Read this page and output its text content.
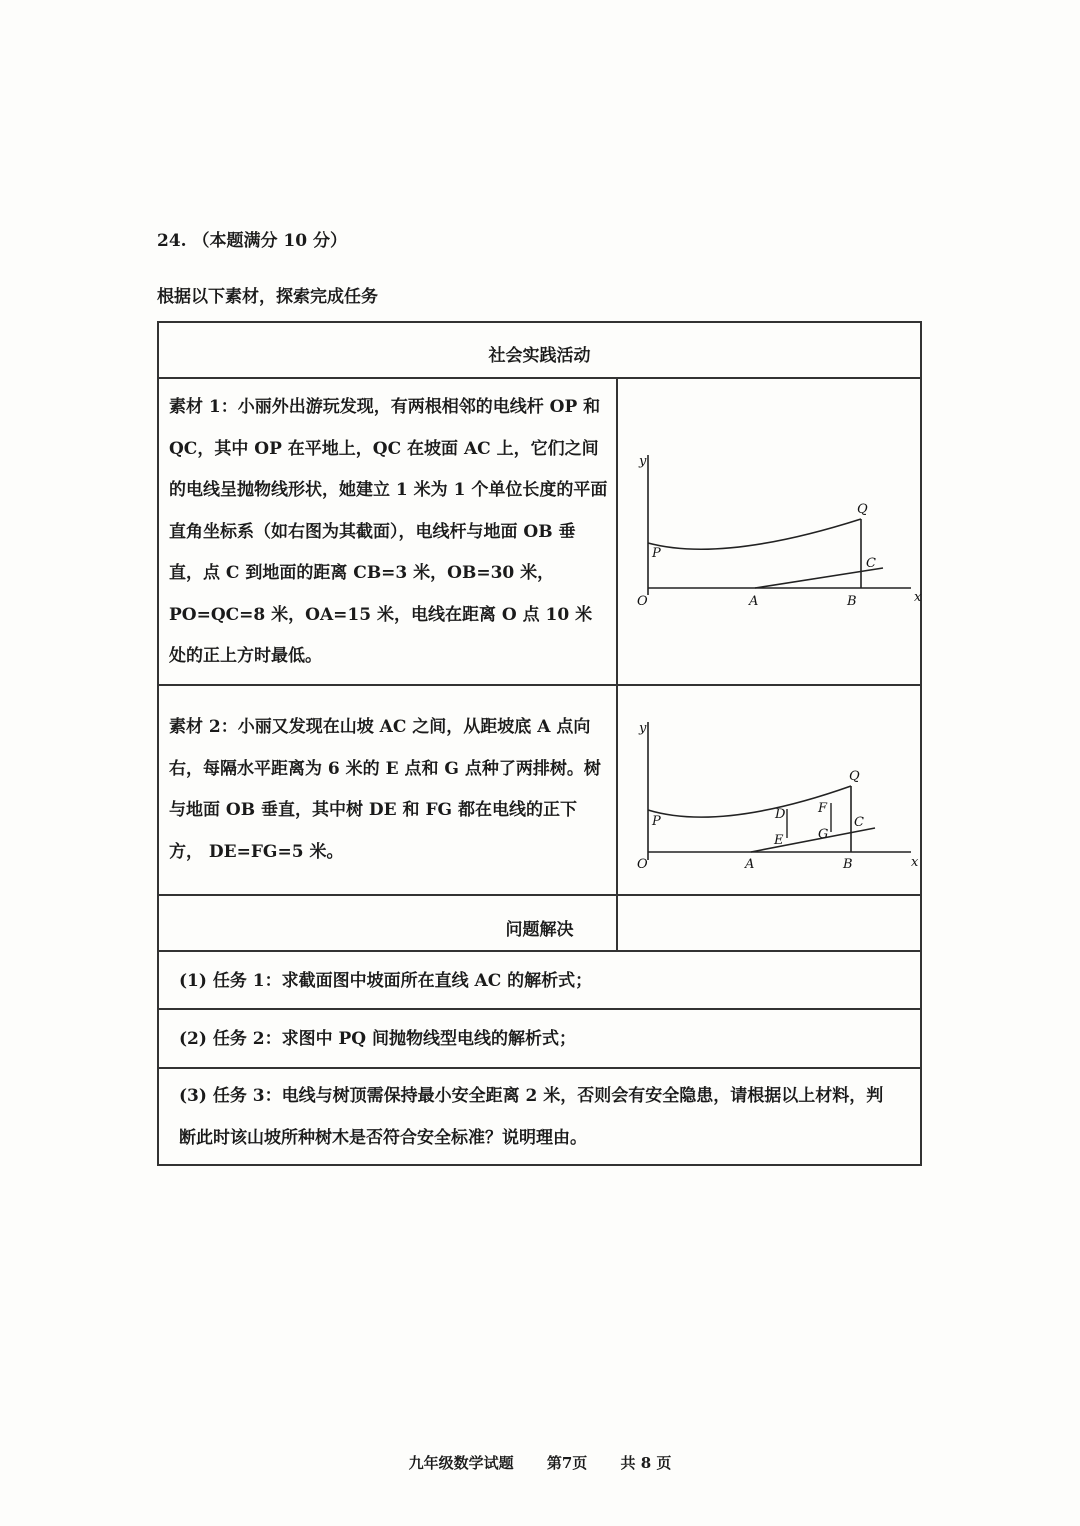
24. （本题满分 10 分）
根据以下素材，探索完成任务
社会实践活动
素材 1：小丽外出游玩发现，有两根相邻的电线杆 OP 和 QC，其中 OP 在平地上，QC 在坡面 AC 上，它们之间的电线呈抛物线形状，她建立 1 米为 1 个单位长度的平面直角坐标系（如右图为其截面），电线杆与地面 OB 垂直，点 C 到地面的距离 CB=3 米，OB=30 米，PO=QC=8 米，OA=15 米，电线在距离 O 点 10 米处的正上方时最低。
y
x
O	A	B
P
Q
C
素材 2：小丽又发现在山坡 AC 之间，从距坡底 A 点向右，每隔水平距离为 6 米的 E 点和 G 点种了两排树。树与地面 OB 垂直，其中树 DE 和 FG 都在电线的正下方， DE=FG=5 米。
y
x
O	A	B
P
Q
C
D
E
F
G
问题解决
(1) 任务 1：求截面图中坡面所在直线 AC 的解析式；
(2) 任务 2：求图中 PQ 间抛物线型电线的解析式；
(3) 任务 3：电线与树顶需保持最小安全距离 2 米，否则会有安全隐患，请根据以上材料，判断此时该山坡所种树木是否符合安全标准？说明理由。
九年级数学试题 第7页 共 8 页
